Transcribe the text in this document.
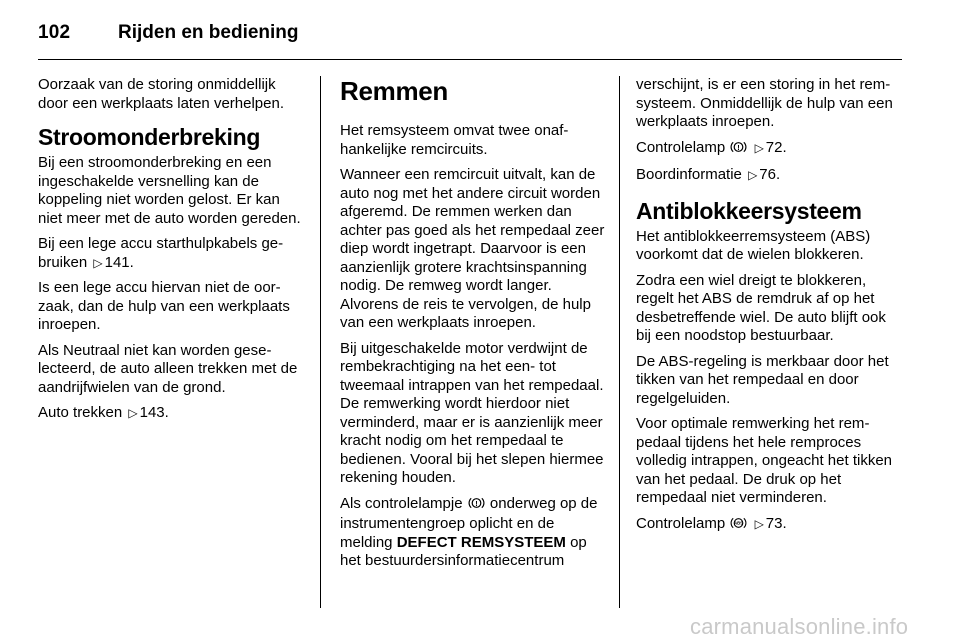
102	Rijden en bediening

Oorzaak van de storing onmiddellijk door een werkplaats laten verhelpen.

Stroomonderbreking

Bij een stroomonderbreking en een ingeschakelde versnelling kan de koppeling niet worden gelost. Er kan niet meer met de auto worden gereden.

Bij een lege accu starthulpkabels gebruiken ▷ 141.

Is een lege accu hiervan niet de oorzaak, dan de hulp van een werkplaats inroepen.

Als Neutraal niet kan worden geselecteerd, de auto alleen trekken met de aandrijfwielen van de grond.

Auto trekken ▷ 143.

Remmen

Het remsysteem omvat twee onafhankelijke remcircuits.

Wanneer een remcircuit uitvalt, kan de auto nog met het andere circuit worden afgeremd. De remmen werken dan achter pas goed als het rempedaal zeer diep wordt ingetrapt. Daarvoor is een aanzienlijk grotere krachtsinspanning nodig. De remweg wordt langer. Alvorens de reis te vervolgen, de hulp van een werkplaats inroepen.

Bij uitgeschakelde motor verdwijnt de rembekrachtiging na het een- tot tweemaal intrappen van het rempedaal. De remwerking wordt hierdoor niet verminderd, maar er is aanzienlijk meer kracht nodig om het rempedaal te bedienen. Vooral bij het slepen hiermee rekening houden.

Als controlelampje ! onderweg op de instrumentengroep oplicht en de melding DEFECT REMSYSTEEM op het bestuurdersinformatiecentrum

verschijnt, is er een storing in het remsysteem. Onmiddellijk de hulp van een werkplaats inroepen.

Controlelamp ! ▷ 72.

Boordinformatie ▷ 76.

Antiblokkeersysteem

Het antiblokkeerremsysteem (ABS) voorkomt dat de wielen blokkeren.

Zodra een wiel dreigt te blokkeren, regelt het ABS de remdruk af op het desbetreffende wiel. De auto blijft ook bij een noodstop bestuurbaar.

De ABS-regeling is merkbaar door het tikken van het rempedaal en door regelgeluiden.

Voor optimale remwerking het rempedaal tijdens het hele remproces volledig intrappen, ongeacht het tikken van het pedaal. De druk op het rempedaal niet verminderen.

Controlelamp ABS ▷ 73.

carmanualsonline.info
